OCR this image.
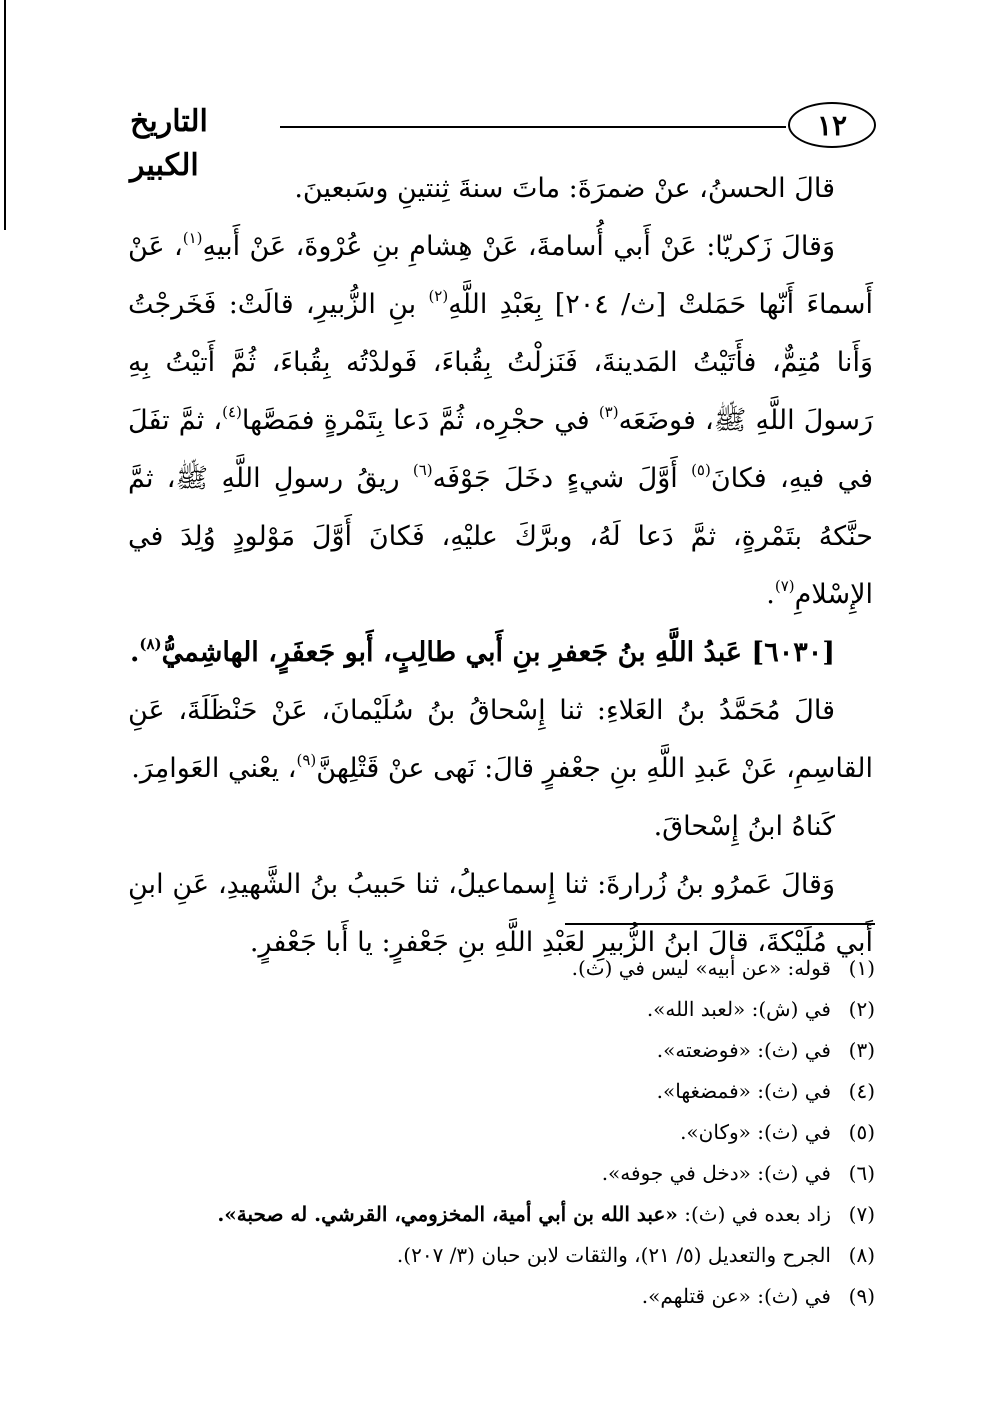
١٢
التاريخ الكبير

قالَ الحسنُ، عنْ ضمرَةَ: ماتَ سنةَ ثِنتينِ وسَبعينَ.

وَقالَ زَكريّا: عَنْ أَبي أُسامةَ، عَنْ هِشامِ بنِ عُرْوةَ، عَنْ أَبيهِ$^{(١)}$، عَنْ أَسماءَ أَنّها حَمَلتْ [ث/ ٢٠٤] بِعَبْدِ اللَّهِ$^{(٢)}$ بنِ الزُّبيرِ، قالَتْ: فَخَرجْتُ وَأَنا مُتِمٌّ، فأَتَيْتُ المَدينةَ، فَنَزلْتُ بِقُباءَ، فَولدْتُه بِقُباءَ، ثُمَّ أَتيْتُ بِهِ رَسولَ اللَّهِ ﷺ، فوضَعَه$^{(٣)}$ في حجْرِه، ثُمَّ دَعا بِتَمْرةٍ فمَصَّها$^{(٤)}$، ثمَّ تفَلَ في فيهِ، فكانَ$^{(٥)}$ أَوَّلَ شيءٍ دخَلَ جَوْفَه$^{(٦)}$ ريقُ رسولِ اللَّهِ ﷺ، ثمَّ حنَّكهُ بتَمْرةٍ، ثمَّ دَعا لَهُ، وبرَّكَ عليْهِ، فَكانَ أَوَّلَ مَوْلودٍ وُلِدَ في الإِسْلامِ$^{(٧)}$.

[٦٠٣٠] عَبدُ اللَّهِ بنُ جَعفرِ بنِ أَبي طالِبٍ، أَبو جَعفَرٍ، الهاشِميُّ$^{(٨)}$.

قالَ مُحَمَّدُ بنُ العَلاءِ: ثنا إِسْحاقُ بنُ سُلَيْمانَ، عَنْ حَنْظَلَةَ، عَنِ القاسِمِ، عَنْ عَبدِ اللَّهِ بنِ جعْفرٍ قالَ: نَهى عنْ قَتْلِهنَّ$^{(٩)}$، يعْني العَوامِرَ.

كَناهُ ابنُ إِسْحاقَ.

وَقالَ عَمرُو بنُ زُرارةَ: ثنا إِسماعيلُ، ثنا حَبيبُ بنُ الشَّهيدِ، عَنِ ابنِ أَبي مُلَيْكةَ، قالَ ابنُ الزُّبيرِ لعَبْدِ اللَّهِ بنِ جَعْفرٍ: يا أَبا جَعْفرٍ.

(١)
قوله: «عن أبيه» ليس في (ث).
(٢)
في (ش): «لعبد الله».
(٣)
في (ث): «فوضعته».
(٤)
في (ث): «فمضغها».
(٥)
في (ث): «وكان».
(٦)
في (ث): «دخل في جوفه».
(٧)
زاد بعده في (ث): «عبد الله بن أبي أمية، المخزومي، القرشي. له صحبة».
(٨)
الجرح والتعديل (٥/ ٢١)، والثقات لابن حبان (٣/ ٢٠٧).
(٩)
في (ث): «عن قتلهم».
